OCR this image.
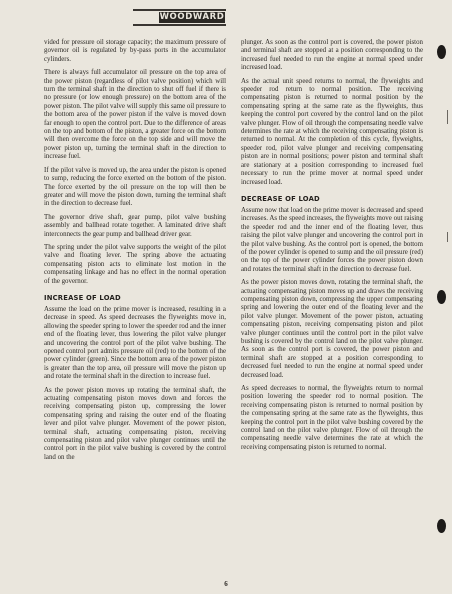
WOODWARD

vided for pressure oil storage capacity; the maximum pressure of governor oil is regulated by by-pass ports in the accumulator cylinders.

There is always full accumulator oil pressure on the top area of the power piston (regardless of pilot valve position) which will turn the terminal shaft in the direction to shut off fuel if there is no pressure (or low enough pressure) on the bottom area of the power piston. The pilot valve will supply this same oil pressure to the bottom area of the power piston if the valve is moved down far enough to open the control port. Due to the difference of areas on the top and bottom of the piston, a greater force on the bottom will then overcome the force on the top side and will move the power piston up, turning the terminal shaft in the direction to increase fuel.

If the pilot valve is moved up, the area under the piston is opened to sump, reducing the force exerted on the bottom of the piston. The force exerted by the oil pressure on the top will then be greater and will move the piston down, turning the terminal shaft in the direction to decrease fuel.

The governor drive shaft, gear pump, pilot valve bushing assembly and ballhead rotate together. A laminated drive shaft interconnects the gear pump and ballhead driver gear.

The spring under the pilot valve supports the weight of the pilot valve and floating lever. The spring above the actuating compensating piston acts to eliminate lost motion in the compensating linkage and has no effect in the normal operation of the governor.

INCREASE OF LOAD

Assume the load on the prime mover is increased, resulting in a decrease in speed. As speed decreases the flyweights move in, allowing the speeder spring to lower the speeder rod and the inner end of the floating lever, thus lowering the pilot valve plunger and uncovering the control port of the pilot valve bushing. The opened control port admits pressure oil (red) to the bottom of the power cylinder (green). Since the bottom area of the power piston is greater than the top area, oil pressure will move the piston up and rotate the terminal shaft in the direction to increase fuel.

As the power piston moves up rotating the terminal shaft, the actuating compensating piston moves down and forces the receiving compensating piston up, compressing the lower compensating spring and raising the outer end of the floating lever and pilot valve plunger. Movement of the power piston, terminal shaft, actuating compensating piston, receiving compensating piston and pilot valve plunger continues until the control port in the pilot valve bushing is covered by the control land on the

plunger. As soon as the control port is covered, the power piston and terminal shaft are stopped at a position corresponding to the increased fuel needed to run the engine at normal speed under increased load.

As the actual unit speed returns to normal, the flyweights and speeder rod return to normal position. The receiving compensating piston is returned to normal position by the compensating spring at the same rate as the flyweights, thus keeping the control port covered by the control land on the pilot valve plunger. Flow of oil through the compensating needle valve determines the rate at which the receiving compensating piston is returned to normal. At the completion of this cycle, flyweights, speeder rod, pilot valve plunger and receiving compensating piston are in normal positions; power piston and terminal shaft are stationary at a position corresponding to increased fuel necessary to run the prime mover at normal speed under increased load.

DECREASE OF LOAD

Assume now that load on the prime mover is decreased and speed increases. As the speed increases, the flyweights move out raising the speeder rod and the inner end of the floating lever, thus raising the pilot valve plunger and uncovering the control port in the pilot valve bushing. As the control port is opened, the bottom of the power cylinder is opened to sump and the oil pressure (red) on the top of the power cylinder forces the power piston down and rotates the terminal shaft in the direction to decrease fuel.

As the power piston moves down, rotating the terminal shaft, the actuating compensating piston moves up and draws the receiving compensating piston down, compressing the upper compensating spring and lowering the outer end of the floating lever and the pilot valve plunger. Movement of the power piston, actuating compensating piston, receiving compensating piston and pilot valve plunger continues until the control port in the pilot valve bushing is covered by the control land on the pilot valve plunger. As soon as the control port is covered, the power piston and terminal shaft are stopped at a position corresponding to decreased fuel needed to run the engine at normal speed under decreased load.

As speed decreases to normal, the flyweights return to normal position lowering the speeder rod to normal position. The receiving compensating piston is returned to normal position by the compensating spring at the same rate as the flyweights, thus keeping the control port in the pilot valve bushing covered by the control land on the pilot valve plunger. Flow of oil through the compensating needle valve determines the rate at which the receiving compensating piston is returned to normal.

6
